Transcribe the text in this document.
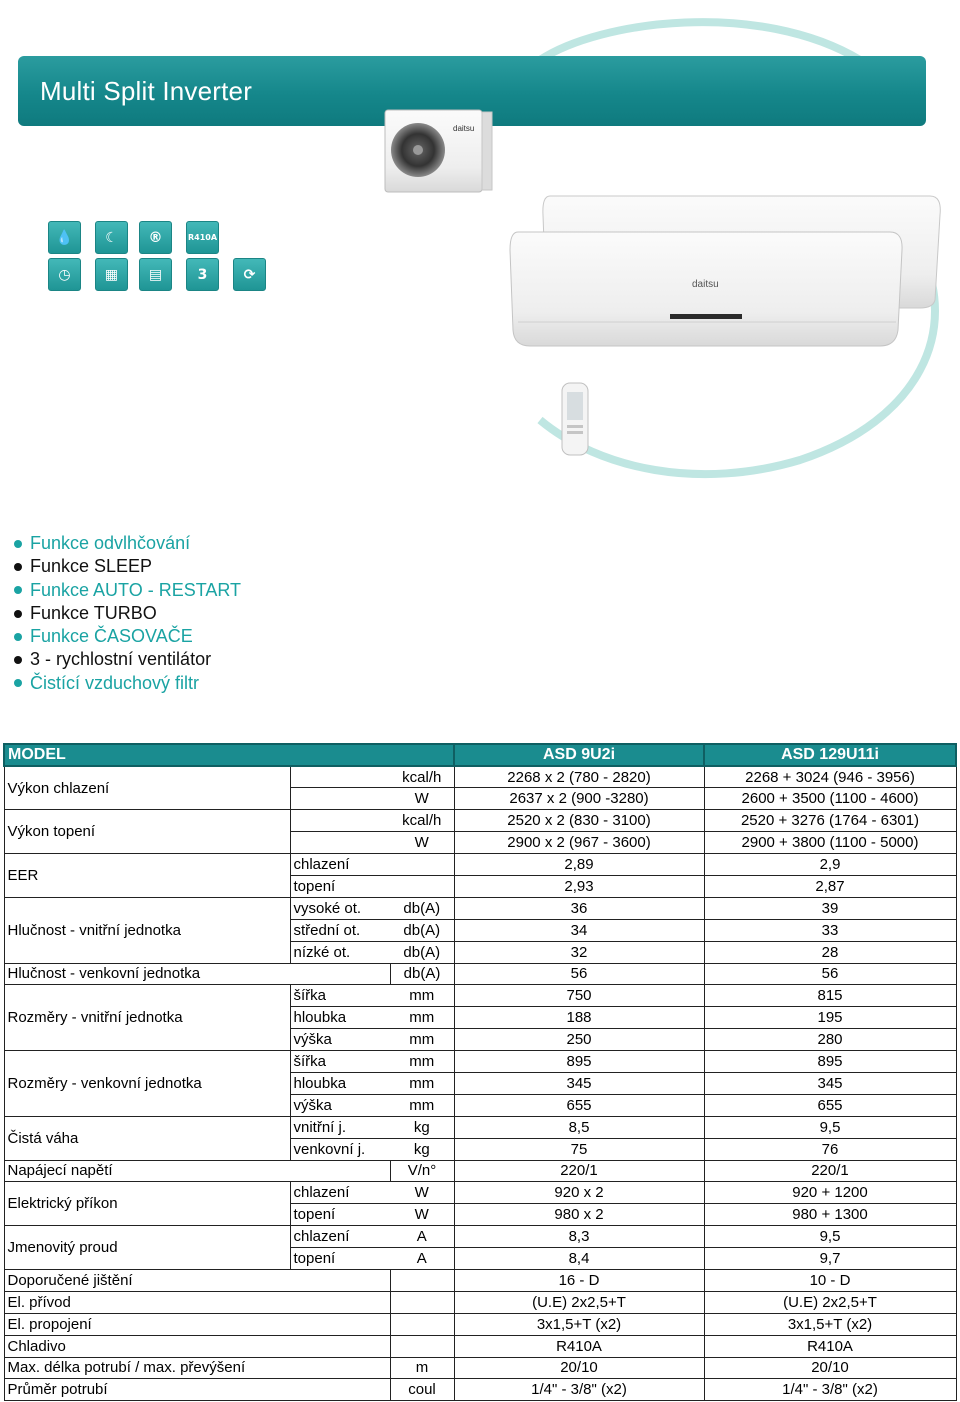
Multi Split Inverter
daitsu
daitsu
💧	☾	®	R410A
◷	▦	▤	3	⟳
Funkce odvlhčování
Funkce SLEEP
Funkce AUTO - RESTART
Funkce TURBO
Funkce ČASOVAČE
3 - rychlostní ventilátor
Čistící vzduchový filtr
MODEL			ASD 9U2i	ASD 129U11i
Výkon chlazení		kcal/h	2268 x 2 (780 - 2820)	2268 + 3024 (946 - 3956)
		W	2637 x 2 (900 -3280)	2600 + 3500 (1100 - 4600)
Výkon topení		kcal/h	2520 x 2 (830 - 3100)	2520 + 3276 (1764 - 6301)
		W	2900 x 2 (967 - 3600)	2900 + 3800 (1100 - 5000)
EER	chlazení		2,89	2,9
	topení		2,93	2,87
Hlučnost - vnitřní jednotka	vysoké ot.	db(A)	36	39
	střední ot.	db(A)	34	33
	nízké ot.	db(A)	32	28
Hlučnost - venkovní jednotka		db(A)	56	56
Rozměry - vnitřní jednotka	šířka	mm	750	815
	hloubka	mm	188	195
	výška	mm	250	280
Rozměry - venkovní jednotka	šířka	mm	895	895
	hloubka	mm	345	345
	výška	mm	655	655
Čistá váha	vnitřní j.	kg	8,5	9,5
	venkovní j.	kg	75	76
Napájecí napětí		V/n°	220/1	220/1
Elektrický příkon	chlazení	W	920 x 2	920 + 1200
	topení	W	980 x 2	980 + 1300
Jmenovitý proud	chlazení	A	8,3	9,5
	topení	A	8,4	9,7
Doporučené jištění			16 - D	10 - D
El. přívod			(U.E) 2x2,5+T	(U.E) 2x2,5+T
El. propojení			3x1,5+T (x2)	3x1,5+T (x2)
Chladivo			R410A	R410A
Max. délka potrubí / max. převýšení		m	20/10	20/10
Průměr potrubí		coul	1/4" - 3/8" (x2)	1/4" - 3/8" (x2)
